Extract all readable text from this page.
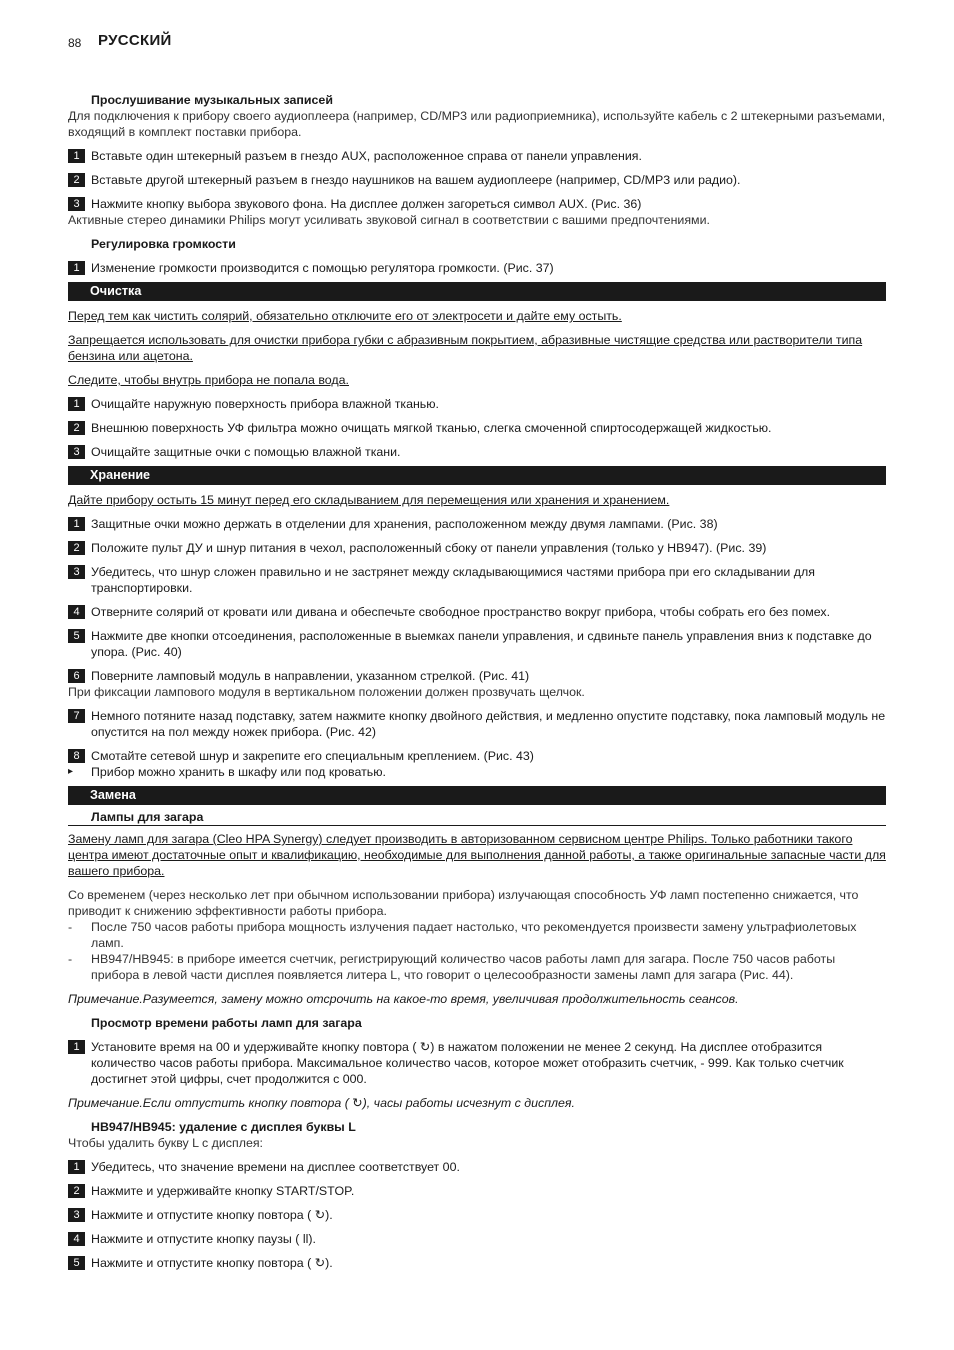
88 РУССКИЙ

Прослушивание музыкальных записей

Для подключения к прибору своего аудиоплеера (например, CD/MP3 или радиоприемника), используйте кабель с 2 штекерными разъемами, входящий в комплект поставки прибора.

1 Вставьте один штекерный разъем в гнездо AUX, расположенное справа от панели управления.

2 Вставьте другой штекерный разъем в гнездо наушников на вашем аудиоплеере (например, CD/MP3 или радио).

3 Нажмите кнопку выбора звукового фона. На дисплее должен загореться символ AUX. (Рис. 36)

Активные стерео динамики Philips могут усиливать звуковой сигнал в соответствии с вашими предпочтениями.

Регулировка громкости

1 Изменение громкости производится с помощью регулятора громкости. (Рис. 37)

Очистка

Перед тем как чистить солярий, обязательно отключите его от электросети и дайте ему остыть.

Запрещается использовать для очистки прибора губки с абразивным покрытием, абразивные чистящие средства или растворители типа бензина или ацетона.

Следите, чтобы внутрь прибора не попала вода.

1 Очищайте наружную поверхность прибора влажной тканью.

2 Внешнюю поверхность УФ фильтра можно очищать мягкой тканью, слегка смоченной спиртосодержащей жидкостью.

3 Очищайте защитные очки с помощью влажной ткани.

Хранение

Дайте прибору остыть 15 минут перед его складыванием для перемещения или хранения и хранением.

1 Защитные очки можно держать в отделении для хранения, расположенном между двумя лампами. (Рис. 38)

2 Положите пульт ДУ и шнур питания в чехол, расположенный сбоку от панели управления (только у HB947). (Рис. 39)

3 Убедитесь, что шнур сложен правильно и не застрянет между складывающимися частями прибора при его складывании для транспортировки.

4 Отверните солярий от кровати или дивана и обеспечьте свободное пространство вокруг прибора, чтобы собрать его без помех.

5 Нажмите две кнопки отсоединения, расположенные в выемках панели управления, и сдвиньте панель управления вниз к подставке до упора. (Рис. 40)

6 Поверните ламповый модуль в направлении, указанном стрелкой. (Рис. 41)

При фиксации лампового модуля в вертикальном положении должен прозвучать щелчок.

7 Немного потяните назад подставку, затем нажмите кнопку двойного действия, и медленно опустите подставку, пока ламповый модуль не опустится на пол между ножек прибора. (Рис. 42)

8 Смотайте сетевой шнур и закрепите его специальным креплением. (Рис. 43)

▸ Прибор можно хранить в шкафу или под кроватью.

Замена

Лампы для загара

Замену ламп для загара (Cleo HPA Synergy) следует производить в авторизованном сервисном центре Philips. Только работники такого центра имеют достаточные опыт и квалификацию, необходимые для выполнения данной работы, а также оригинальные запасные части для вашего прибора.

Со временем (через несколько лет при обычном использовании прибора) излучающая способность УФ ламп постепенно снижается, что приводит к снижению эффективности работы прибора.

- После 750 часов работы прибора мощность излучения падает настолько, что рекомендуется произвести замену ультрафиолетовых ламп.

- HB947/HB945: в приборе имеется счетчик, регистрирующий количество часов работы ламп для загара. После 750 часов работы прибора в левой части дисплея появляется литера L, что говорит о целесообразности замены ламп для загара (Рис. 44).

Примечание.Разумеется, замену можно отсрочить на какое-то время, увеличивая продолжительность сеансов.

Просмотр времени работы ламп для загара

1 Установите время на 00 и удерживайте кнопку повтора ( ↻) в нажатом положении не менее 2 секунд. На дисплее отобразится количество часов работы прибора. Максимальное количество часов, которое может отобразить счетчик, - 999. Как только счетчик достигнет этой цифры, счет продолжится с 000.

Примечание.Если отпустить кнопку повтора ( ↻), часы работы исчезнут с дисплея.

HB947/HB945: удаление с дисплея буквы L

Чтобы удалить букву L с дисплея:

1 Убедитесь, что значение времени на дисплее соответствует 00.

2 Нажмите и удерживайте кнопку START/STOP.

3 Нажмите и отпустите кнопку повтора ( ↻).

4 Нажмите и отпустите кнопку паузы ( ll).

5 Нажмите и отпустите кнопку повтора ( ↻).
